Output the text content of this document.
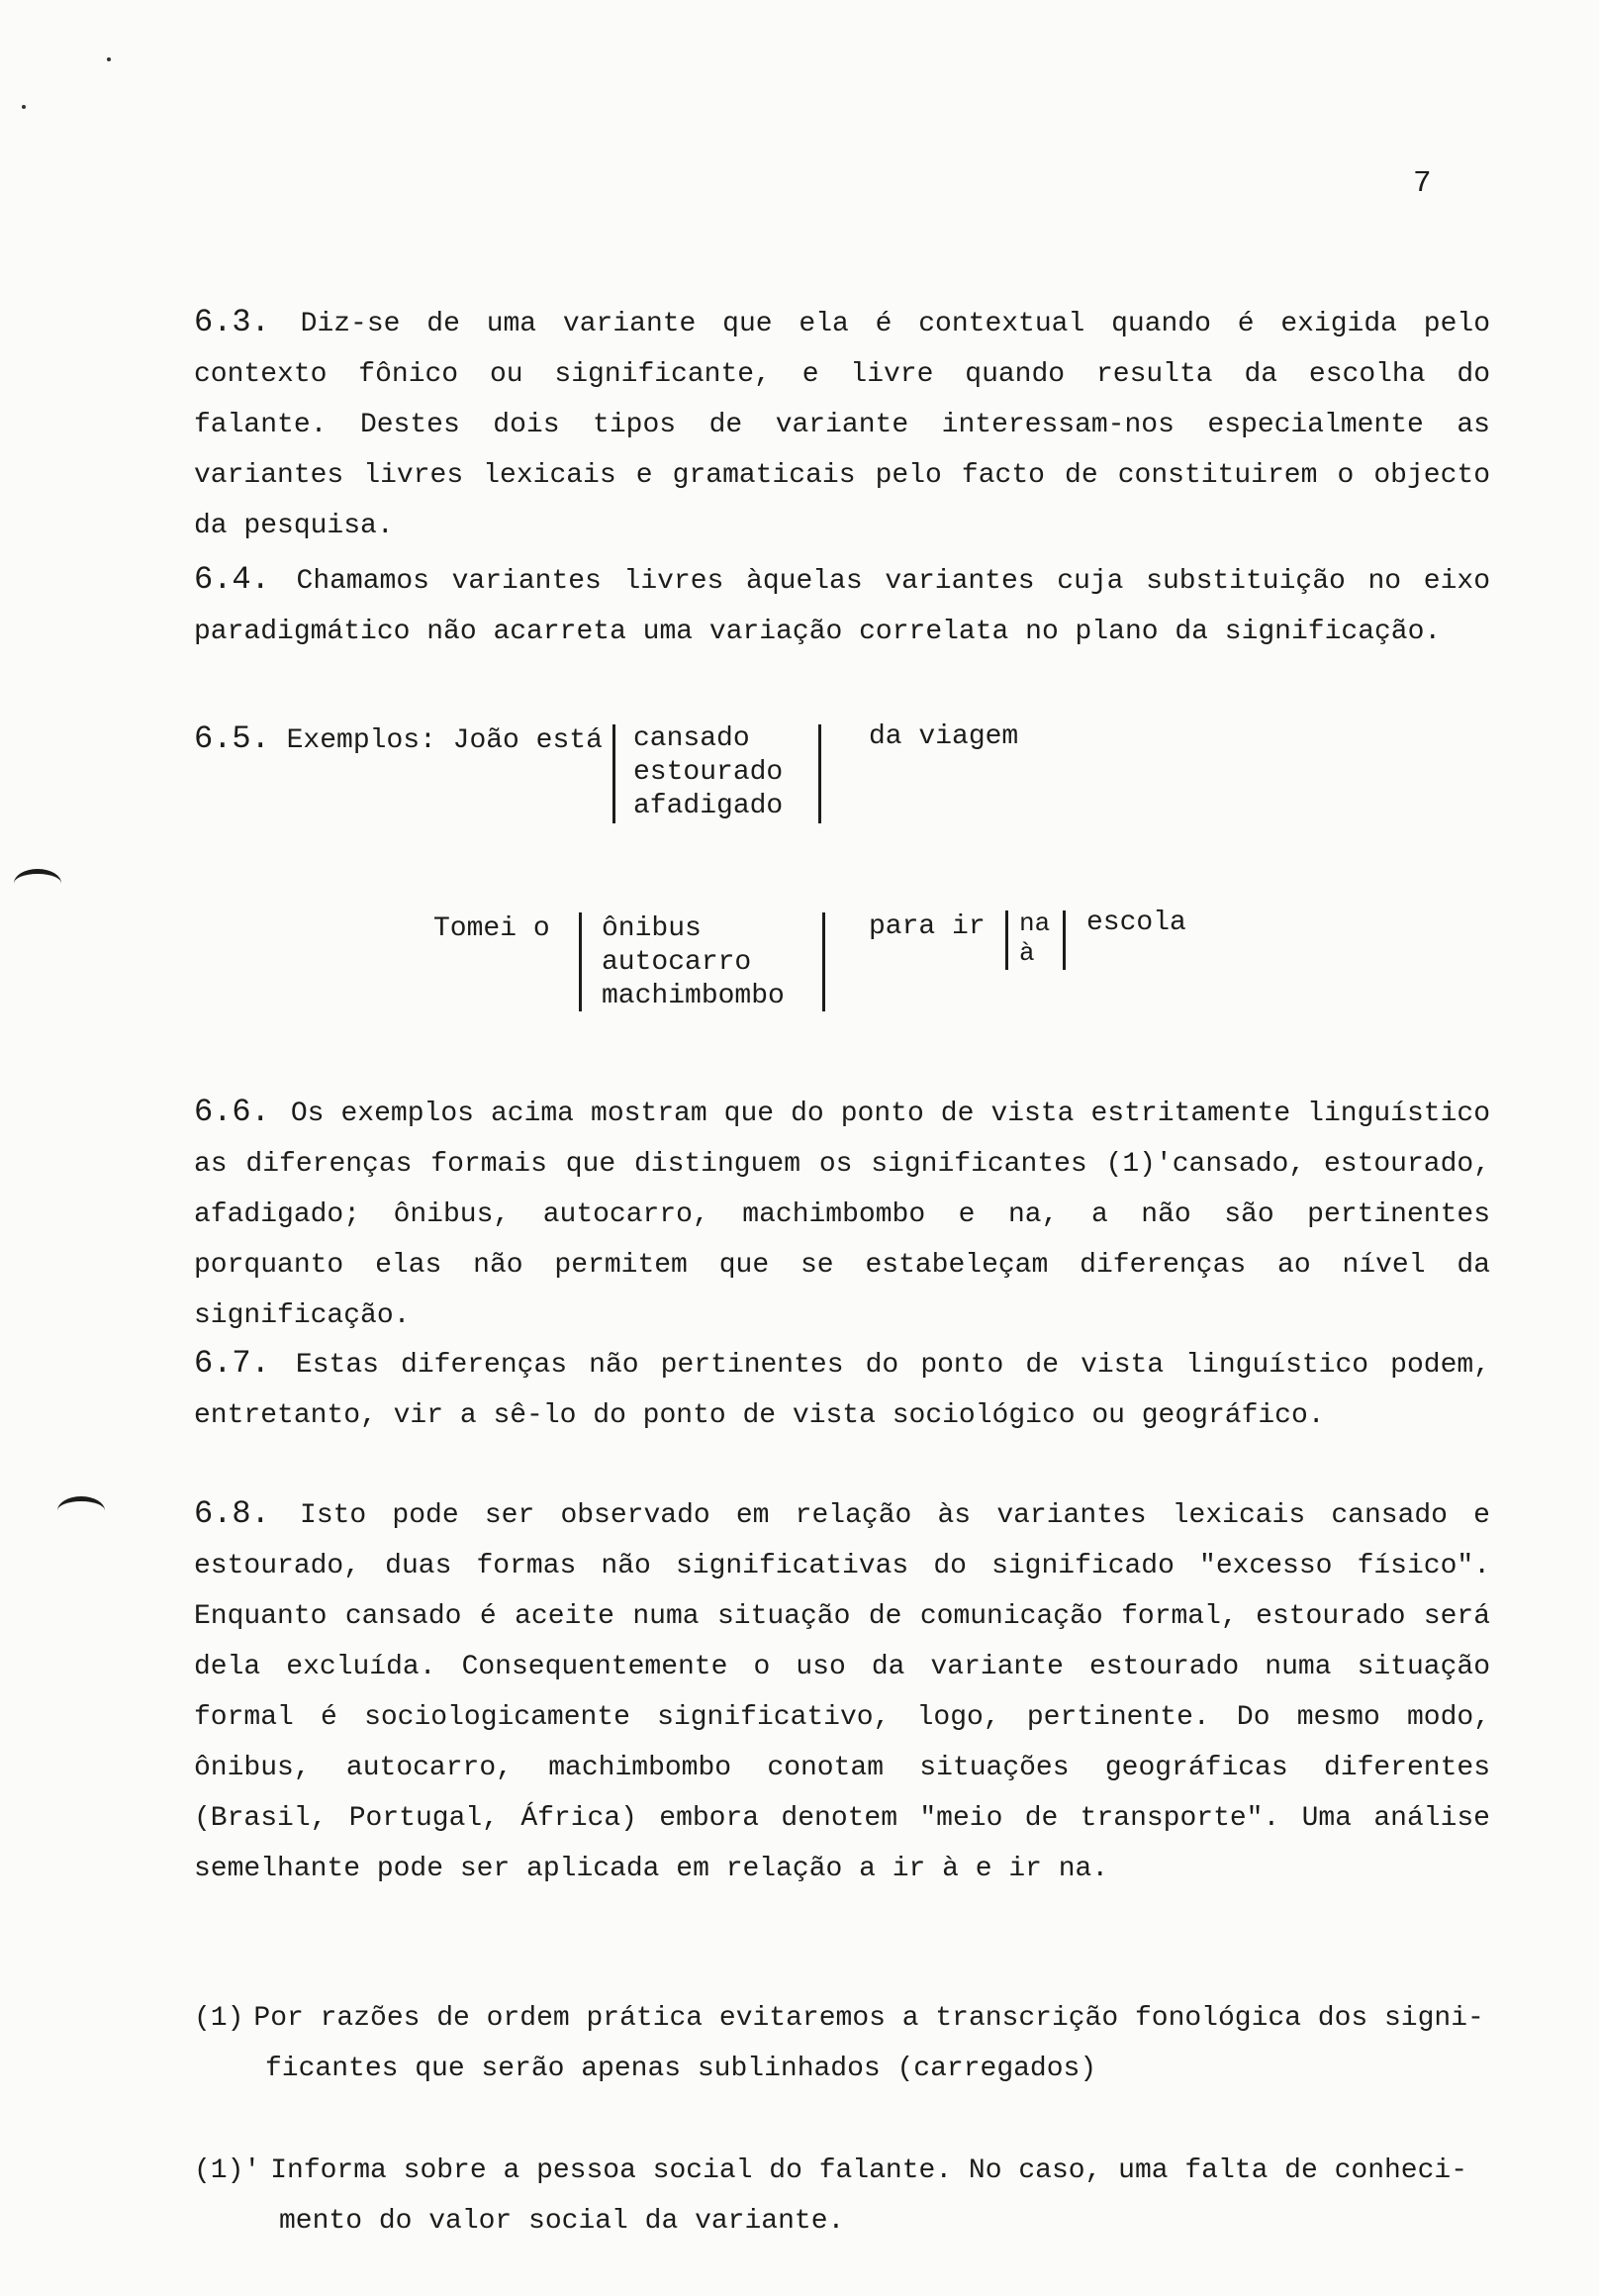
7
6.3. Diz-se de uma variante que ela é contextual quando é exigida pelo contexto fônico ou significante, e livre quando resulta da escolha do falante. Destes dois tipos de variante interessam-nos especialmente as variantes livres lexicais e gramaticais pelo facto de constituirem o objecto da pesquisa.
6.4. Chamamos variantes livres àquelas variantes cuja substituição no eixo paradigmático não acarreta uma variação correlata no plano da significação.
6.5. Exemplos: João está cansado
estourado
afadigado
da viagem
Tomei o ônibus
autocarro
machimbombo
para ir na
à
escola
6.6. Os exemplos acima mostram que do ponto de vista estritamente linguístico as diferenças formais que distinguem os significantes (1)'cansado, estourado, afadigado; ônibus, autocarro, machimbombo e na, a não são pertinentes porquanto elas não permitem que se estabeleçam diferenças ao nível da significação.
6.7. Estas diferenças não pertinentes do ponto de vista linguístico podem, entretanto, vir a sê-lo do ponto de vista sociológico ou geográfico.
6.8. Isto pode ser observado em relação às variantes lexicais cansado e estourado, duas formas não significativas do significado "excesso físico". Enquanto cansado é aceite numa situação de comunicação formal, estourado será dela excluída. Consequentemente o uso da variante estourado numa situação formal é sociologicamente significativo, logo, pertinente. Do mesmo modo, ônibus, autocarro, machimbombo conotam situações geográficas diferentes (Brasil, Portugal, África) embora denotem "meio de transporte". Uma análise semelhante pode ser aplicada em relação a ir à e ir na.
(1) Por razões de ordem prática evitaremos a transcrição fonológica dos signi-
ficantes que serão apenas sublinhados (carregados)
(1)' Informa sobre a pessoa social do falante. No caso, uma falta de conheci-
mento do valor social da variante.
